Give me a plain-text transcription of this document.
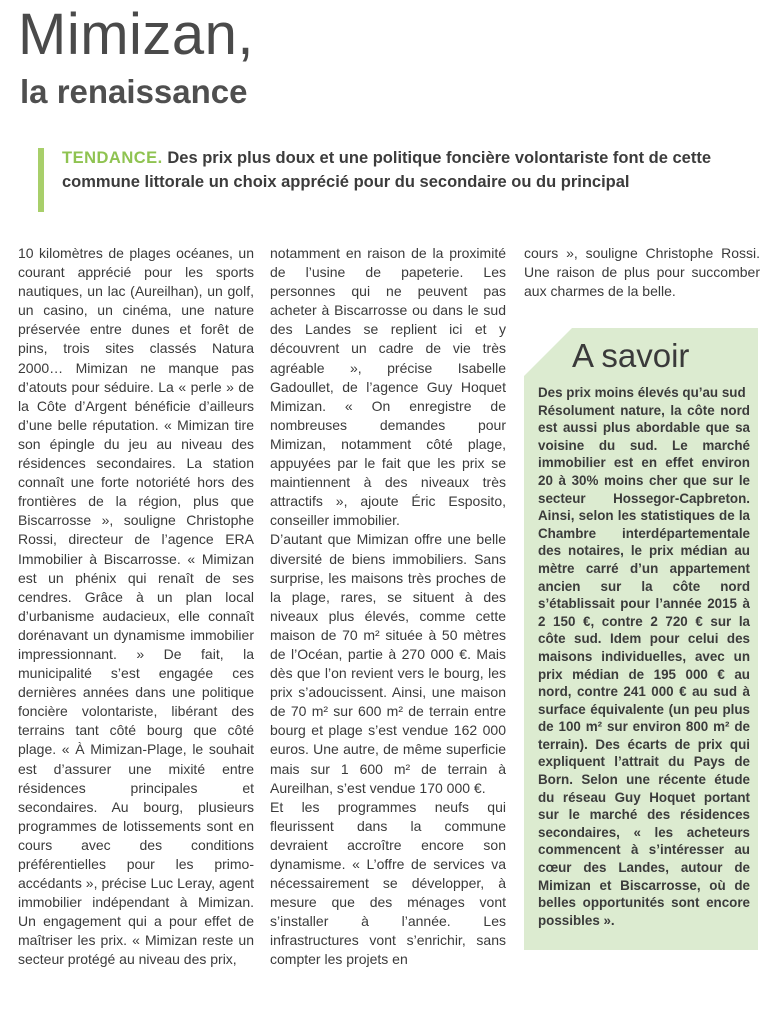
Mimizan,
la renaissance
TENDANCE. Des prix plus doux et une politique foncière volontariste font de cette commune littorale un choix apprécié pour du secondaire ou du principal

10 kilomètres de plages océanes, un courant apprécié pour les sports nautiques, un lac (Aureilhan), un golf, un casino, un cinéma, une nature préservée entre dunes et forêt de pins, trois sites classés Natura 2000… Mimizan ne manque pas d’atouts pour séduire. La « perle » de la Côte d’Argent bénéficie d’ailleurs d’une belle réputation. « Mimizan tire son épingle du jeu au niveau des résidences secondaires. La station connaît une forte notoriété hors des frontières de la région, plus que Biscarrosse », souligne Christophe Rossi, directeur de l’agence ERA Immobilier à Biscarrosse. « Mimizan est un phénix qui renaît de ses cendres. Grâce à un plan local d’urbanisme audacieux, elle connaît dorénavant un dynamisme immobilier impressionnant. » De fait, la municipalité s’est engagée ces dernières années dans une politique foncière volontariste, libérant des terrains tant côté bourg que côté plage. « À Mimizan-Plage, le souhait est d’assurer une mixité entre résidences principales et secondaires. Au bourg, plusieurs programmes de lotissements sont en cours avec des conditions préférentielles pour les primo-accédants », précise Luc Leray, agent immobilier indépendant à Mimizan. Un engagement qui a pour effet de maîtriser les prix. « Mimizan reste un secteur protégé au niveau des prix,

notamment en raison de la proximité de l’usine de papeterie. Les personnes qui ne peuvent pas acheter à Biscarrosse ou dans le sud des Landes se replient ici et y découvrent un cadre de vie très agréable », précise Isabelle Gadoullet, de l’agence Guy Hoquet Mimizan. « On enregistre de nombreuses demandes pour Mimizan, notamment côté plage, appuyées par le fait que les prix se maintiennent à des niveaux très attractifs », ajoute Éric Esposito, conseiller immobilier.

D’autant que Mimizan offre une belle diversité de biens immobiliers. Sans surprise, les maisons très proches de la plage, rares, se situent à des niveaux plus élevés, comme cette maison de 70 m² située à 50 mètres de l’Océan, partie à 270 000 €. Mais dès que l’on revient vers le bourg, les prix s’adoucissent. Ainsi, une maison de 70 m² sur 600 m² de terrain entre bourg et plage s’est vendue 162 000 euros. Une autre, de même superficie mais sur 1 600 m² de terrain à Aureilhan, s’est vendue 170 000 €.

Et les programmes neufs qui fleurissent dans la commune devraient accroître encore son dynamisme. « L’offre de services va nécessairement se développer, à mesure que des ménages vont s’installer à l’année. Les infrastructures vont s’enrichir, sans compter les projets en

cours », souligne Christophe Rossi. Une raison de plus pour succomber aux charmes de la belle.

A savoir
Des prix moins élevés qu’au sud

Résolument nature, la côte nord est aussi plus abordable que sa voisine du sud. Le marché immobilier est en effet environ 20 à 30% moins cher que sur le secteur Hossegor-Capbreton. Ainsi, selon les statistiques de la Chambre interdépartementale des notaires, le prix médian au mètre carré d’un appartement ancien sur la côte nord s’établissait pour l’année 2015 à 2 150 €, contre 2 720 € sur la côte sud. Idem pour celui des maisons individuelles, avec un prix médian de 195 000 € au nord, contre 241 000 € au sud à surface équivalente (un peu plus de 100 m² sur environ 800 m² de terrain). Des écarts de prix qui expliquent l’attrait du Pays de Born. Selon une récente étude du réseau Guy Hoquet portant sur le marché des résidences secondaires, « les acheteurs commencent à s’intéresser au cœur des Landes, autour de Mimizan et Biscarrosse, où de belles opportunités sont encore possibles ».
